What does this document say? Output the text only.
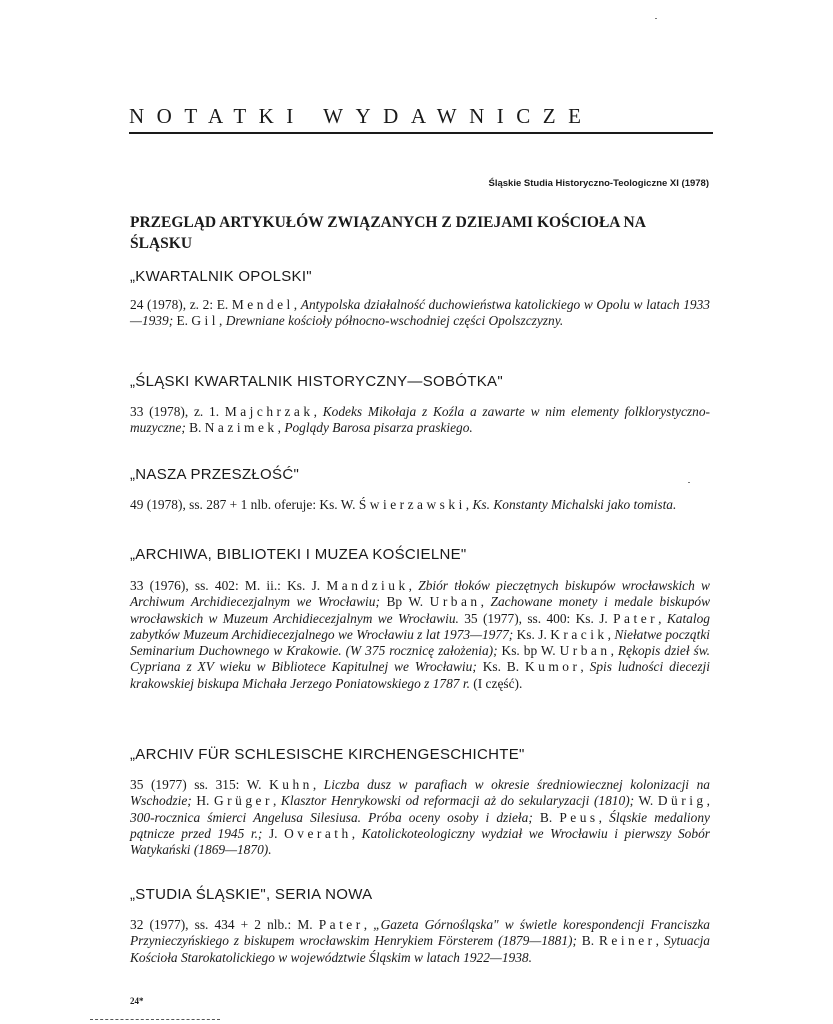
NOTATKI WYDAWNICZE
Śląskie Studia Historyczno-Teologiczne XI (1978)
PRZEGLĄD ARTYKUŁÓW ZWIĄZANYCH Z DZIEJAMI KOŚCIOŁA NA ŚLĄSKU
„KWARTALNIK OPOLSKI"
24 (1978), z. 2: E. Mendel, Antypolska działalność duchowieństwa katolickiego w Opolu w latach 1933—1939; E. Gil, Drewniane kościoły północno-wschodniej części Opolszczyzny.
„ŚLĄSKI KWARTALNIK HISTORYCZNY—SOBÓTKA"
33 (1978), z. 1. Majchrzak, Kodeks Mikołaja z Koźla a zawarte w nim elementy folklorystyczno-muzyczne; B. Nazimek, Poglądy Barosa pisarza praskiego.
„NASZA PRZESZŁOŚĆ"
49 (1978), ss. 287 + 1 nlb. oferuje: Ks. W. Świerzawski, Ks. Konstanty Michalski jako tomista.
„ARCHIWA, BIBLIOTEKI I MUZEA KOŚCIELNE"
33 (1976), ss. 402: M. ii.: Ks. J. Mandziuk, Zbiór tłoków pieczętnych biskupów wrocławskich w Archiwum Archidiecezjalnym we Wrocławiu; Bp W. Urban, Zachowane monety i medale biskupów wrocławskich w Muzeum Archidiecezjalnym we Wrocławiu. 35 (1977), ss. 400: Ks. J. Pater, Katalog zabytków Muzeum Archidiecezjalnego we Wrocławiu z lat 1973—1977; Ks. J. Kracik, Niełatwe początki Seminarium Duchownego w Krakowie. (W 375 rocznicę założenia); Ks. bp W. Urban, Rękopis dzieł św. Cypriana z XV wieku w Bibliotece Kapitulnej we Wrocławiu; Ks. B. Kumor, Spis ludności diecezji krakowskiej biskupa Michała Jerzego Poniatowskiego z 1787 r. (I część).
„ARCHIV FÜR SCHLESISCHE KIRCHENGESCHICHTE"
35 (1977) ss. 315: W. Kuhn, Liczba dusz w parafiach w okresie średniowiecznej kolonizacji na Wschodzie; H. Grüger, Klasztor Henrykowski od reformacji aż do sekularyzacji (1810); W. Dürig, 300-rocznica śmierci Angelusa Silesiusa. Próba oceny osoby i dzieła; B. Peus, Śląskie medaliony pątnicze przed 1945 r.; J. Overath, Katolickoteologiczny wydział we Wrocławiu i pierwszy Sobór Watykański (1869—1870).
„STUDIA ŚLĄSKIE", SERIA NOWA
32 (1977), ss. 434 + 2 nlb.: M. Pater, „Gazeta Górnośląska" w świetle korespondencji Franciszka Przynieczyńskiego z biskupem wrocławskim Henrykiem Försterem (1879—1881); B. Reiner, Sytuacja Kościoła Starokatolickiego w województwie Śląskim w latach 1922—1938.
24*
